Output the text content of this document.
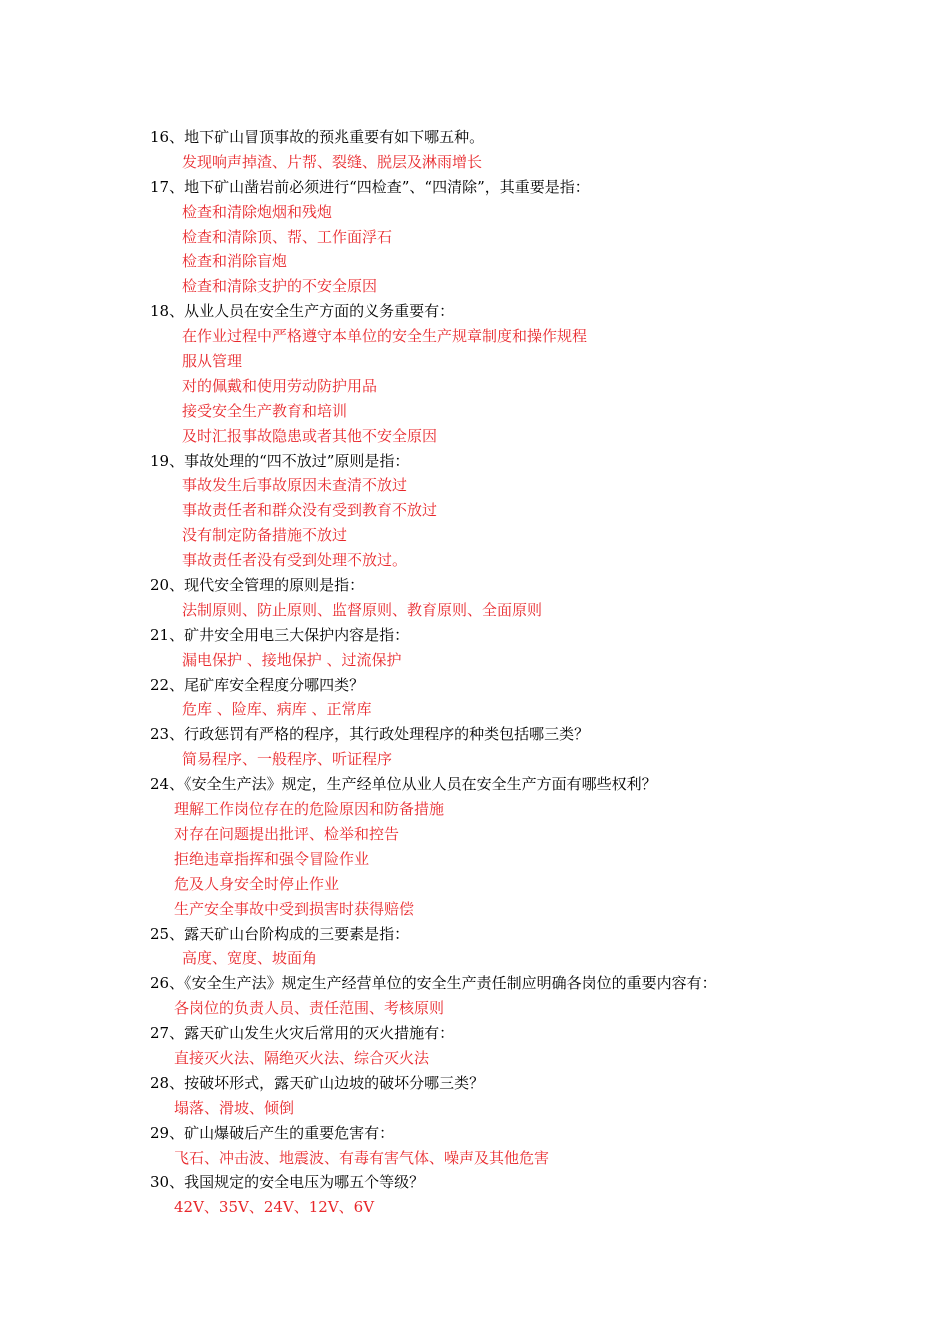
16、地下矿山冒顶事故的预兆重要有如下哪五种。
发现响声掉渣、片帮、裂缝、脱层及淋雨增长
17、地下矿山凿岩前必须进行“四检查”、“四清除”，其重要是指：
检查和清除炮烟和残炮
检查和清除顶、帮、工作面浮石
检查和消除盲炮
检查和清除支护的不安全原因
18、从业人员在安全生产方面的义务重要有：
在作业过程中严格遵守本单位的安全生产规章制度和操作规程
服从管理
对的佩戴和使用劳动防护用品
接受安全生产教育和培训
及时汇报事故隐患或者其他不安全原因
19、事故处理的“四不放过”原则是指：
事故发生后事故原因未查清不放过
事故责任者和群众没有受到教育不放过
没有制定防备措施不放过
事故责任者没有受到处理不放过。
20、现代安全管理的原则是指：
法制原则、防止原则、监督原则、教育原则、全面原则
21、矿井安全用电三大保护内容是指：
漏电保护 、接地保护 、过流保护
22、尾矿库安全程度分哪四类？
危库 、险库、病库 、正常库
23、行政惩罚有严格的程序，其行政处理程序的种类包括哪三类？
简易程序、一般程序、听证程序
24、《安全生产法》规定，生产经单位从业人员在安全生产方面有哪些权利？
理解工作岗位存在的危险原因和防备措施
对存在问题提出批评、检举和控告
拒绝违章指挥和强令冒险作业
危及人身安全时停止作业
生产安全事故中受到损害时获得赔偿
25、露天矿山台阶构成的三要素是指：
高度、宽度、坡面角
26、《安全生产法》规定生产经营单位的安全生产责任制应明确各岗位的重要内容有：
各岗位的负责人员、责任范围、考核原则
27、露天矿山发生火灾后常用的灭火措施有：
直接灭火法、隔绝灭火法、综合灭火法
28、按破坏形式，露天矿山边坡的破坏分哪三类？
塌落、滑坡、倾倒
29、矿山爆破后产生的重要危害有：
飞石、冲击波、地震波、有毒有害气体、噪声及其他危害
30、我国规定的安全电压为哪五个等级？
42V、35V、24V、12V、6V
